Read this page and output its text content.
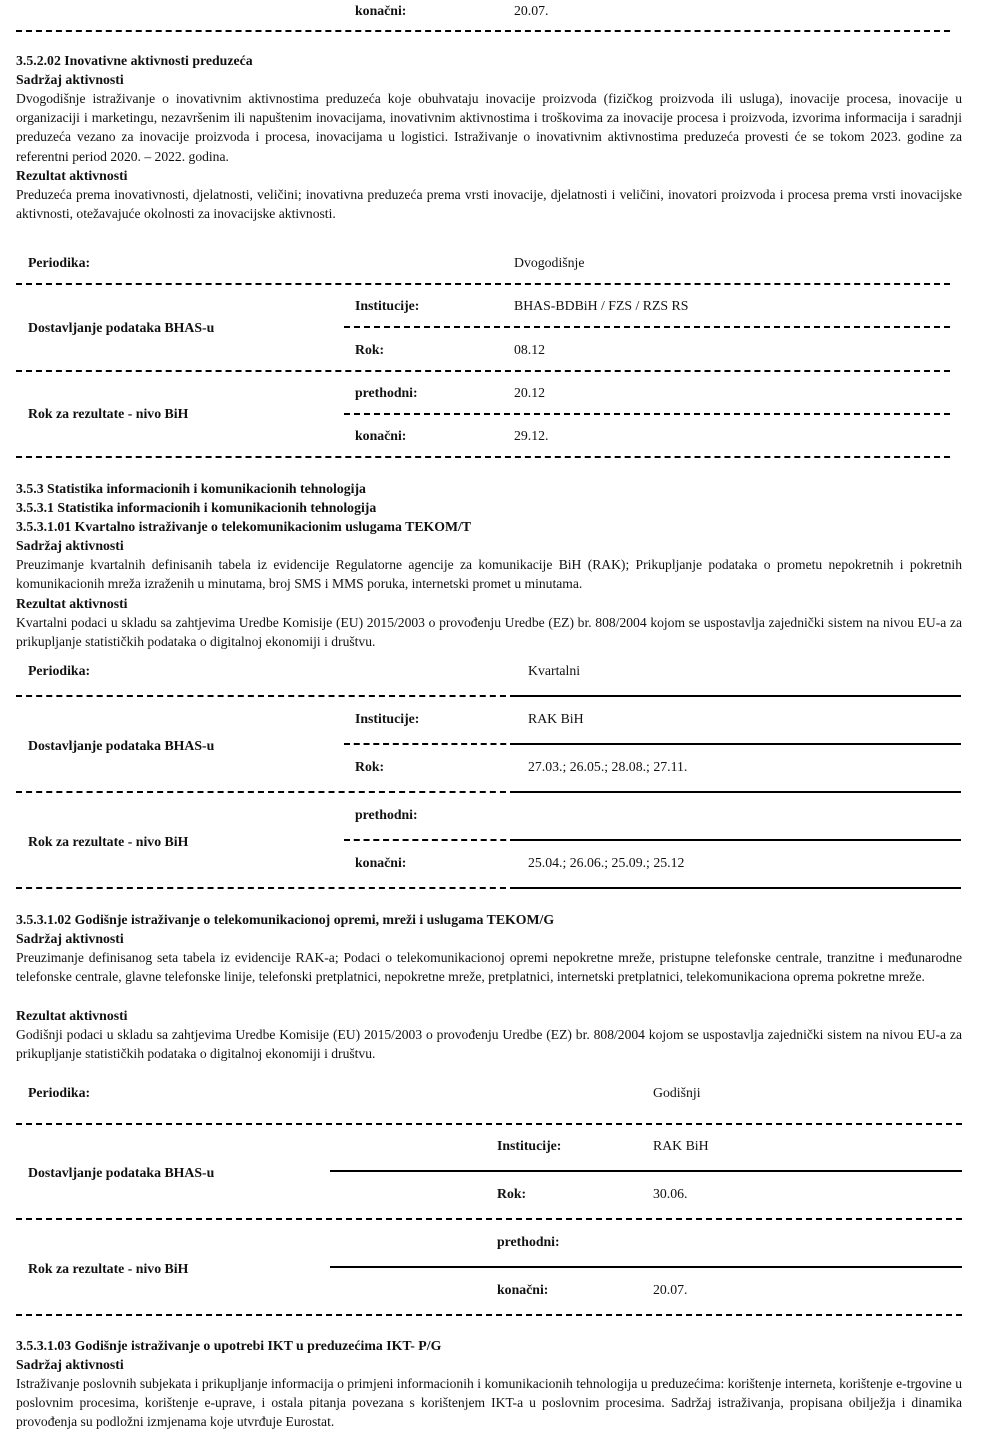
konačni:	20.07.
3.5.2.02 Inovativne aktivnosti preduzeća
Sadržaj aktivnosti
Dvogodišnje istraživanje o inovativnim aktivnostima preduzeća koje obuhvataju inovacije proizvoda (fizičkog proizvoda ili usluga), inovacije procesa, inovacije u organizaciji i marketingu, nezavršenim ili napuštenim inovacijama, inovativnim aktivnostima i troškovima za inovacije procesa i proizvoda, izvorima informacija i saradnji preduzeća vezano za inovacije proizvoda i procesa, inovacijama u logistici. Istraživanje o inovativnim aktivnostima preduzeća provesti će se tokom 2023. godine za referentni period 2020. – 2022. godina.
Rezultat aktivnosti
Preduzeća prema inovativnosti, djelatnosti, veličini; inovativna preduzeća prema vrsti inovacije, djelatnosti i veličini, inovatori proizvoda i procesa prema vrsti inovacijske aktivnosti, otežavajuće okolnosti za inovacijske aktivnosti.
Periodika:	Dvogodišnje
Dostavljanje podataka BHAS-u
Institucije:	BHAS-BDBiH / FZS / RZS RS
Rok:	08.12
Rok za rezultate - nivo BiH
prethodni:	20.12
konačni:	29.12.
3.5.3 Statistika informacionih i komunikacionih tehnologija
3.5.3.1 Statistika informacionih i komunikacionih tehnologija
3.5.3.1.01 Kvartalno istraživanje o telekomunikacionim uslugama TEKOM/T
Sadržaj aktivnosti
Preuzimanje kvartalnih definisanih tabela iz evidencije Regulatorne agencije za komunikacije BiH (RAK); Prikupljanje podataka o prometu nepokretnih i pokretnih komunikacionih mreža izraženih u minutama, broj SMS i MMS poruka, internetski promet u minutama.
Rezultat aktivnosti
Kvartalni podaci u skladu sa zahtjevima Uredbe Komisije (EU) 2015/2003 o provođenju Uredbe (EZ) br. 808/2004 kojom se uspostavlja zajednički sistem na nivou EU-a za prikupljanje statističkih podataka o digitalnoj ekonomiji i društvu.
Periodika:	Kvartalni
Dostavljanje podataka BHAS-u
Institucije:	RAK BiH
Rok:	27.03.; 26.05.; 28.08.; 27.11.
Rok za rezultate - nivo BiH
prethodni:
konačni:	25.04.; 26.06.; 25.09.; 25.12
3.5.3.1.02 Godišnje istraživanje o telekomunikacionoj opremi, mreži i uslugama TEKOM/G
Sadržaj aktivnosti
Preuzimanje definisanog seta tabela iz evidencije RAK-a; Podaci o telekomunikacionoj opremi nepokretne mreže, pristupne telefonske centrale, tranzitne i međunarodne telefonske centrale, glavne telefonske linije, telefonski pretplatnici, nepokretne mreže, pretplatnici, internetski pretplatnici, telekomunikaciona oprema pokretne mreže.
Rezultat aktivnosti
Godišnji podaci u skladu sa zahtjevima Uredbe Komisije (EU) 2015/2003 o provođenju Uredbe (EZ) br. 808/2004 kojom se uspostavlja zajednički sistem na nivou EU-a za prikupljanje statističkih podataka o digitalnoj ekonomiji i društvu.
Periodika:	Godišnji
Dostavljanje podataka BHAS-u
Institucije:	RAK BiH
Rok:	30.06.
Rok za rezultate - nivo BiH
prethodni:
konačni:	20.07.
3.5.3.1.03 Godišnje istraživanje o upotrebi IKT u preduzećima IKT- P/G
Sadržaj aktivnosti
Istraživanje poslovnih subjekata i prikupljanje informacija o primjeni informacionih i komunikacionih tehnologija u preduzećima: korištenje interneta, korištenje e-trgovine u poslovnim procesima, korištenje e-uprave, i ostala pitanja povezana s korištenjem IKT-a u poslovnim procesima. Sadržaj istraživanja, propisana obilježja i dinamika provođenja su podložni izmjenama koje utvrđuje Eurostat.
